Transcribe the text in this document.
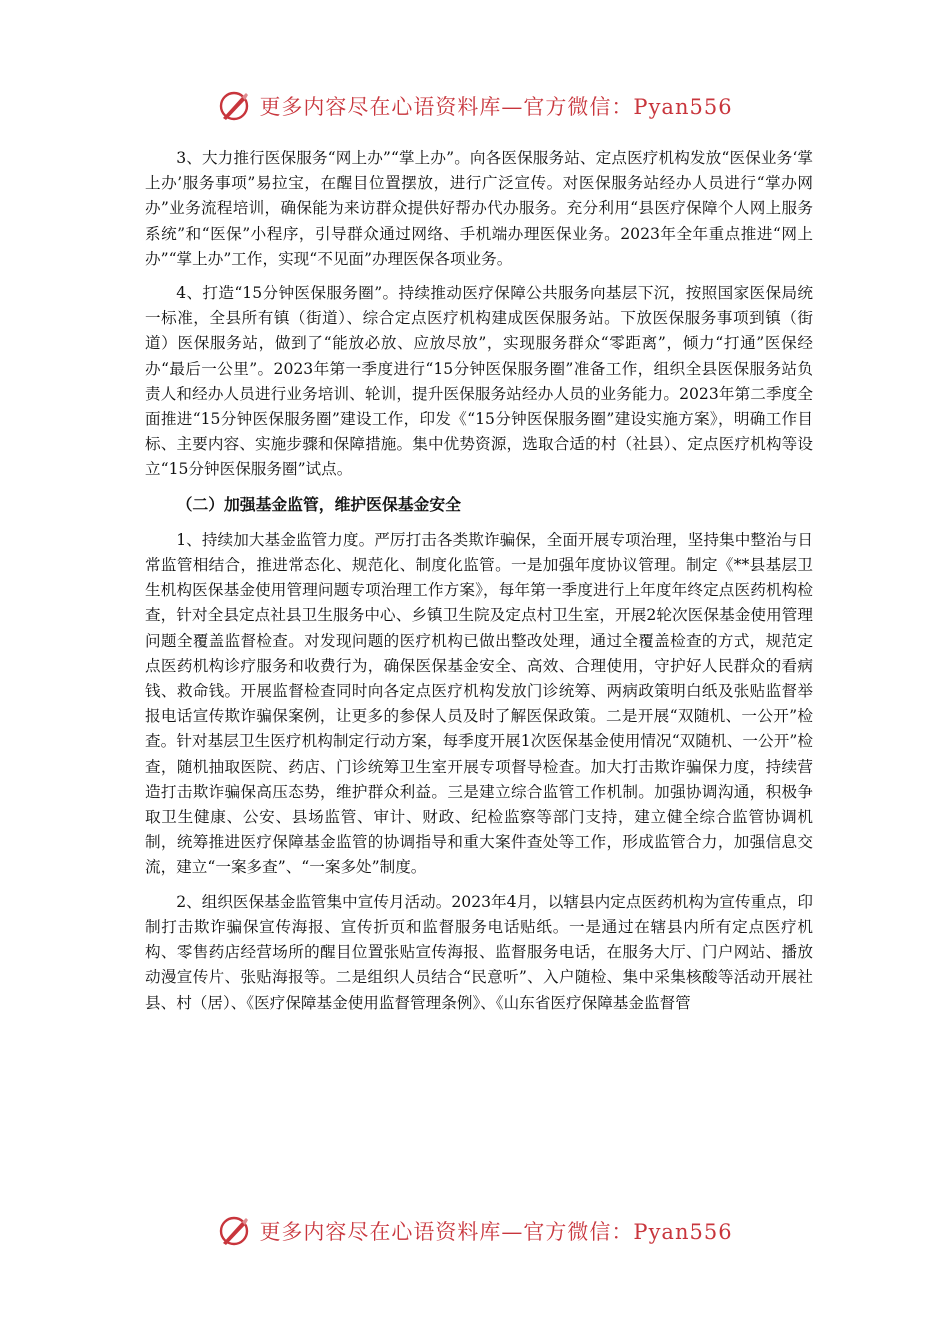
更多内容尽在心语资料库—官方微信：Pyan556

3、大力推行医保服务“网上办”“掌上办”。向各医保服务站、定点医疗机构发放“医保业务‘掌上办’服务事项”易拉宝，在醒目位置摆放，进行广泛宣传。对医保服务站经办人员进行“掌办网办”业务流程培训，确保能为来访群众提供好帮办代办服务。充分利用“县医疗保障个人网上服务系统”和“医保”小程序，引导群众通过网络、手机端办理医保业务。2023年全年重点推进“网上办”“掌上办”工作，实现“不见面”办理医保各项业务。

4、打造“15分钟医保服务圈”。持续推动医疗保障公共服务向基层下沉，按照国家医保局统一标准，全县所有镇（街道）、综合定点医疗机构建成医保服务站。下放医保服务事项到镇（街道）医保服务站，做到了“能放必放、应放尽放”，实现服务群众“零距离”，倾力“打通”医保经办“最后一公里”。2023年第一季度进行“15分钟医保服务圈”准备工作，组织全县医保服务站负责人和经办人员进行业务培训、轮训，提升医保服务站经办人员的业务能力。2023年第二季度全面推进“15分钟医保服务圈”建设工作，印发《“15分钟医保服务圈”建设实施方案》，明确工作目标、主要内容、实施步骤和保障措施。集中优势资源，选取合适的村（社县）、定点医疗机构等设立“15分钟医保服务圈”试点。

（二）加强基金监管，维护医保基金安全

1、持续加大基金监管力度。严厉打击各类欺诈骗保，全面开展专项治理，坚持集中整治与日常监管相结合，推进常态化、规范化、制度化监管。一是加强年度协议管理。制定《**县基层卫生机构医保基金使用管理问题专项治理工作方案》，每年第一季度进行上年度年终定点医药机构检查，针对全县定点社县卫生服务中心、乡镇卫生院及定点村卫生室，开展2轮次医保基金使用管理问题全覆盖监督检查。对发现问题的医疗机构已做出整改处理，通过全覆盖检查的方式，规范定点医药机构诊疗服务和收费行为，确保医保基金安全、高效、合理使用，守护好人民群众的看病钱、救命钱。开展监督检查同时向各定点医疗机构发放门诊统筹、两病政策明白纸及张贴监督举报电话宣传欺诈骗保案例，让更多的参保人员及时了解医保政策。二是开展“双随机、一公开”检查。针对基层卫生医疗机构制定行动方案，每季度开展1次医保基金使用情况“双随机、一公开”检查，随机抽取医院、药店、门诊统筹卫生室开展专项督导检查。加大打击欺诈骗保力度，持续营造打击欺诈骗保高压态势，维护群众利益。三是建立综合监管工作机制。加强协调沟通，积极争取卫生健康、公安、县场监管、审计、财政、纪检监察等部门支持，建立健全综合监管协调机制，统筹推进医疗保障基金监管的协调指导和重大案件查处等工作，形成监管合力，加强信息交流，建立“一案多查”、“一案多处”制度。

2、组织医保基金监管集中宣传月活动。2023年4月，以辖县内定点医药机构为宣传重点，印制打击欺诈骗保宣传海报、宣传折页和监督服务电话贴纸。一是通过在辖县内所有定点医疗机构、零售药店经营场所的醒目位置张贴宣传海报、监督服务电话，在服务大厅、门户网站、播放动漫宣传片、张贴海报等。二是组织人员结合“民意听”、入户随检、集中采集核酸等活动开展社县、村（居）、《医疗保障基金使用监督管理条例》、《山东省医疗保障基金监督管

更多内容尽在心语资料库—官方微信：Pyan556
